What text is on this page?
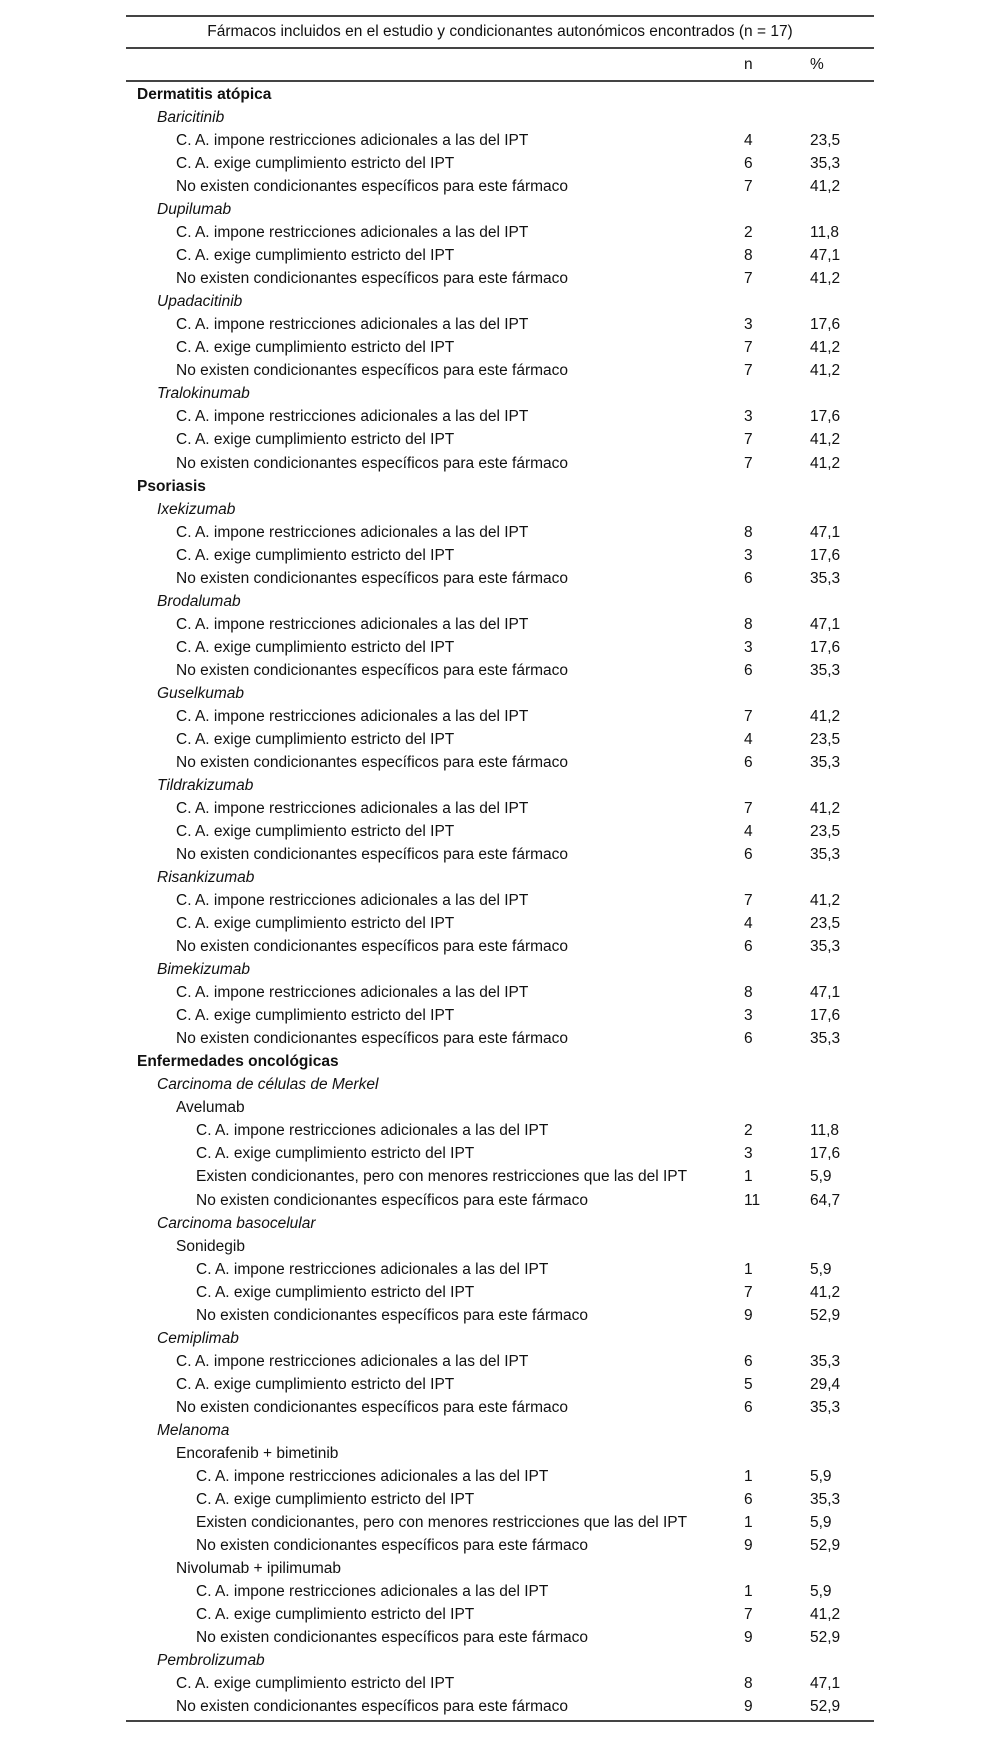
Fármacos incluidos en el estudio y condicionantes autonómicos encontrados (n = 17)
n	%
Dermatitis atópica
Baricitinib
C. A. impone restricciones adicionales a las del IPT	4	23,5
C. A. exige cumplimiento estricto del IPT	6	35,3
No existen condicionantes específicos para este fármaco	7	41,2
Dupilumab
C. A. impone restricciones adicionales a las del IPT	2	11,8
C. A. exige cumplimiento estricto del IPT	8	47,1
No existen condicionantes específicos para este fármaco	7	41,2
Upadacitinib
C. A. impone restricciones adicionales a las del IPT	3	17,6
C. A. exige cumplimiento estricto del IPT	7	41,2
No existen condicionantes específicos para este fármaco	7	41,2
Tralokinumab
C. A. impone restricciones adicionales a las del IPT	3	17,6
C. A. exige cumplimiento estricto del IPT	7	41,2
No existen condicionantes específicos para este fármaco	7	41,2
Psoriasis
Ixekizumab
C. A. impone restricciones adicionales a las del IPT	8	47,1
C. A. exige cumplimiento estricto del IPT	3	17,6
No existen condicionantes específicos para este fármaco	6	35,3
Brodalumab
C. A. impone restricciones adicionales a las del IPT	8	47,1
C. A. exige cumplimiento estricto del IPT	3	17,6
No existen condicionantes específicos para este fármaco	6	35,3
Guselkumab
C. A. impone restricciones adicionales a las del IPT	7	41,2
C. A. exige cumplimiento estricto del IPT	4	23,5
No existen condicionantes específicos para este fármaco	6	35,3
Tildrakizumab
C. A. impone restricciones adicionales a las del IPT	7	41,2
C. A. exige cumplimiento estricto del IPT	4	23,5
No existen condicionantes específicos para este fármaco	6	35,3
Risankizumab
C. A. impone restricciones adicionales a las del IPT	7	41,2
C. A. exige cumplimiento estricto del IPT	4	23,5
No existen condicionantes específicos para este fármaco	6	35,3
Bimekizumab
C. A. impone restricciones adicionales a las del IPT	8	47,1
C. A. exige cumplimiento estricto del IPT	3	17,6
No existen condicionantes específicos para este fármaco	6	35,3
Enfermedades oncológicas
Carcinoma de células de Merkel
Avelumab
C. A. impone restricciones adicionales a las del IPT	2	11,8
C. A. exige cumplimiento estricto del IPT	3	17,6
Existen condicionantes, pero con menores restricciones que las del IPT	1	5,9
No existen condicionantes específicos para este fármaco	11	64,7
Carcinoma basocelular
Sonidegib
C. A. impone restricciones adicionales a las del IPT	1	5,9
C. A. exige cumplimiento estricto del IPT	7	41,2
No existen condicionantes específicos para este fármaco	9	52,9
Cemiplimab
C. A. impone restricciones adicionales a las del IPT	6	35,3
C. A. exige cumplimiento estricto del IPT	5	29,4
No existen condicionantes específicos para este fármaco	6	35,3
Melanoma
Encorafenib + bimetinib
C. A. impone restricciones adicionales a las del IPT	1	5,9
C. A. exige cumplimiento estricto del IPT	6	35,3
Existen condicionantes, pero con menores restricciones que las del IPT	1	5,9
No existen condicionantes específicos para este fármaco	9	52,9
Nivolumab + ipilimumab
C. A. impone restricciones adicionales a las del IPT	1	5,9
C. A. exige cumplimiento estricto del IPT	7	41,2
No existen condicionantes específicos para este fármaco	9	52,9
Pembrolizumab
C. A. exige cumplimiento estricto del IPT	8	47,1
No existen condicionantes específicos para este fármaco	9	52,9
